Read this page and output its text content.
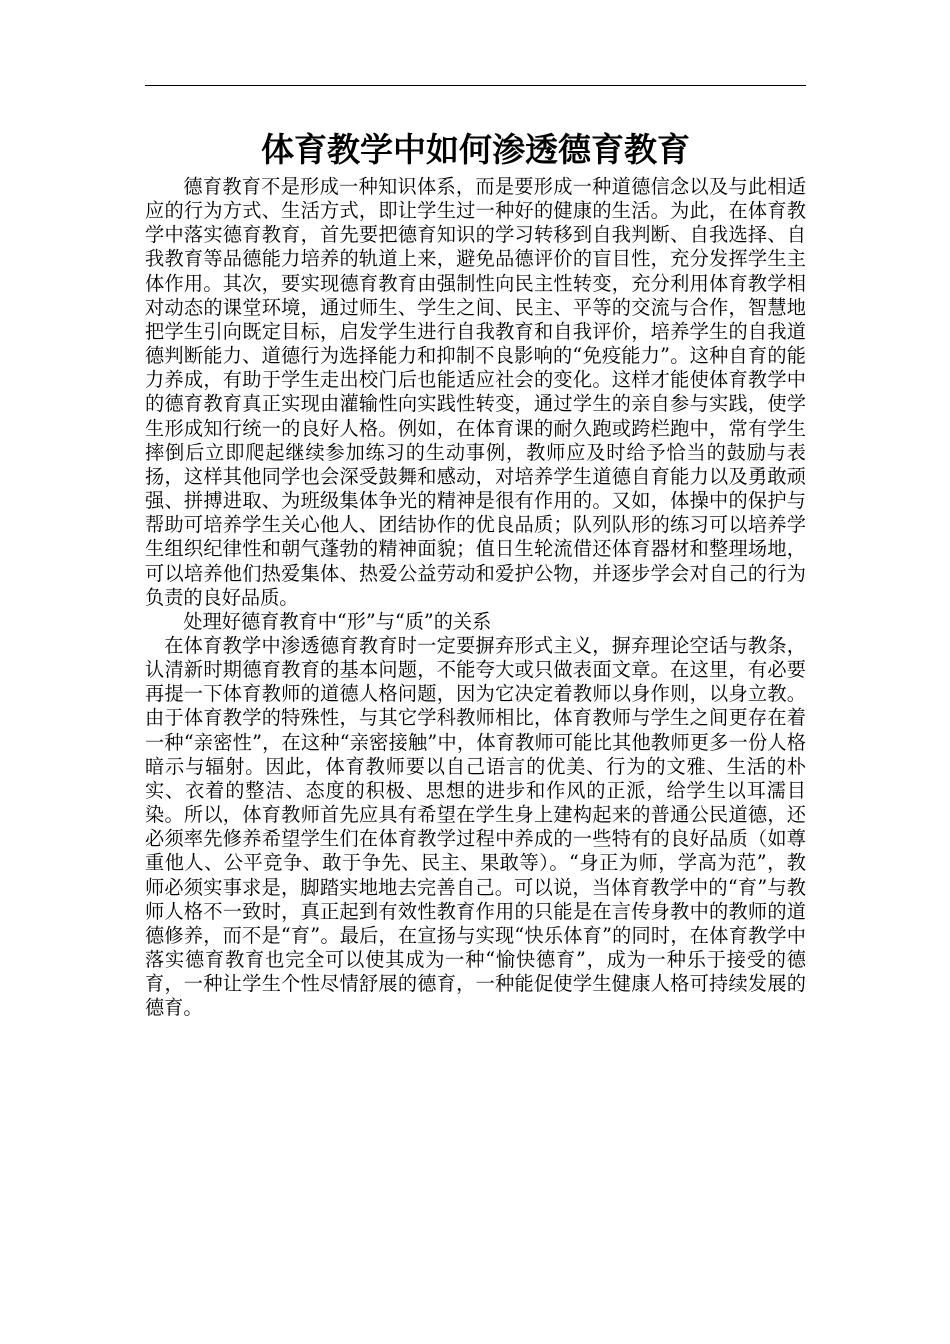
体育教学中如何渗透德育教育

德育教育不是形成一种知识体系，而是要形成一种道德信念以及与此相适应的行为方式、生活方式，即让学生过一种好的健康的生活。为此，在体育教学中落实德育教育，首先要把德育知识的学习转移到自我判断、自我选择、自我教育等品德能力培养的轨道上来，避免品德评价的盲目性，充分发挥学生主体作用。其次，要实现德育教育由强制性向民主性转变，充分利用体育教学相对动态的课堂环境，通过师生、学生之间、民主、平等的交流与合作，智慧地把学生引向既定目标，启发学生进行自我教育和自我评价，培养学生的自我道德判断能力、道德行为选择能力和抑制不良影响的“免疫能力”。这种自育的能力养成，有助于学生走出校门后也能适应社会的变化。这样才能使体育教学中的德育教育真正实现由灌输性向实践性转变，通过学生的亲自参与实践，使学生形成知行统一的良好人格。例如，在体育课的耐久跑或跨栏跑中，常有学生摔倒后立即爬起继续参加练习的生动事例，教师应及时给予恰当的鼓励与表扬，这样其他同学也会深受鼓舞和感动，对培养学生道德自育能力以及勇敢顽强、拼搏进取、为班级集体争光的精神是很有作用的。又如，体操中的保护与帮助可培养学生关心他人、团结协作的优良品质；队列队形的练习可以培养学生组织纪律性和朝气蓬勃的精神面貌；值日生轮流借还体育器材和整理场地，可以培养他们热爱集体、热爱公益劳动和爱护公物，并逐步学会对自己的行为负责的良好品质。

处理好德育教育中“形”与“质”的关系

在体育教学中渗透德育教育时一定要摒弃形式主义，摒弃理论空话与教条，认清新时期德育教育的基本问题，不能夸大或只做表面文章。在这里，有必要再提一下体育教师的道德人格问题，因为它决定着教师以身作则，以身立教。由于体育教学的特殊性，与其它学科教师相比，体育教师与学生之间更存在着一种“亲密性”，在这种“亲密接触”中，体育教师可能比其他教师更多一份人格暗示与辐射。因此，体育教师要以自己语言的优美、行为的文雅、生活的朴实、衣着的整洁、态度的积极、思想的进步和作风的正派，给学生以耳濡目染。所以，体育教师首先应具有希望在学生身上建构起来的普通公民道德，还必须率先修养希望学生们在体育教学过程中养成的一些特有的良好品质（如尊重他人、公平竞争、敢于争先、民主、果敢等）。“身正为师，学高为范”，教师必须实事求是，脚踏实地地去完善自己。可以说，当体育教学中的“育”与教师人格不一致时，真正起到有效性教育作用的只能是在言传身教中的教师的道德修养，而不是“育”。最后，在宣扬与实现“快乐体育”的同时，在体育教学中落实德育教育也完全可以使其成为一种“愉快德育”，成为一种乐于接受的德育，一种让学生个性尽情舒展的德育，一种能促使学生健康人格可持续发展的德育。
